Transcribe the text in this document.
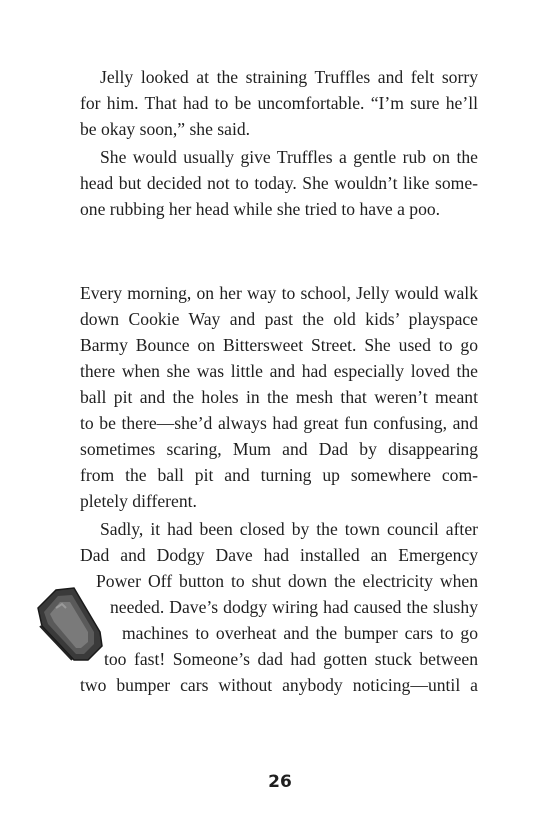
Jelly looked at the straining Truffles and felt sorry
for him. That had to be uncomfortable. “I’m sure he’ll
be okay soon,” she said.
She would usually give Truffles a gentle rub on the
head but decided not to today. She wouldn’t like some-
one rubbing her head while she tried to have a poo.
Every morning, on her way to school, Jelly would walk
down Cookie Way and past the old kids’ playspace
Barmy Bounce on Bittersweet Street. She used to go
there when she was little and had especially loved the
ball pit and the holes in the mesh that weren’t meant
to be there—she’d always had great fun confusing, and
sometimes scaring, Mum and Dad by disappearing
from the ball pit and turning up somewhere com-
pletely different.
Sadly, it had been closed by the town council after
Dad and Dodgy Dave had installed an Emergency
Power Off button to shut down the electricity when
needed. Dave’s dodgy wiring had caused the slushy
machines to overheat and the bumper cars to go
too fast! Someone’s dad had gotten stuck between
two bumper cars without anybody noticing—until a
26
